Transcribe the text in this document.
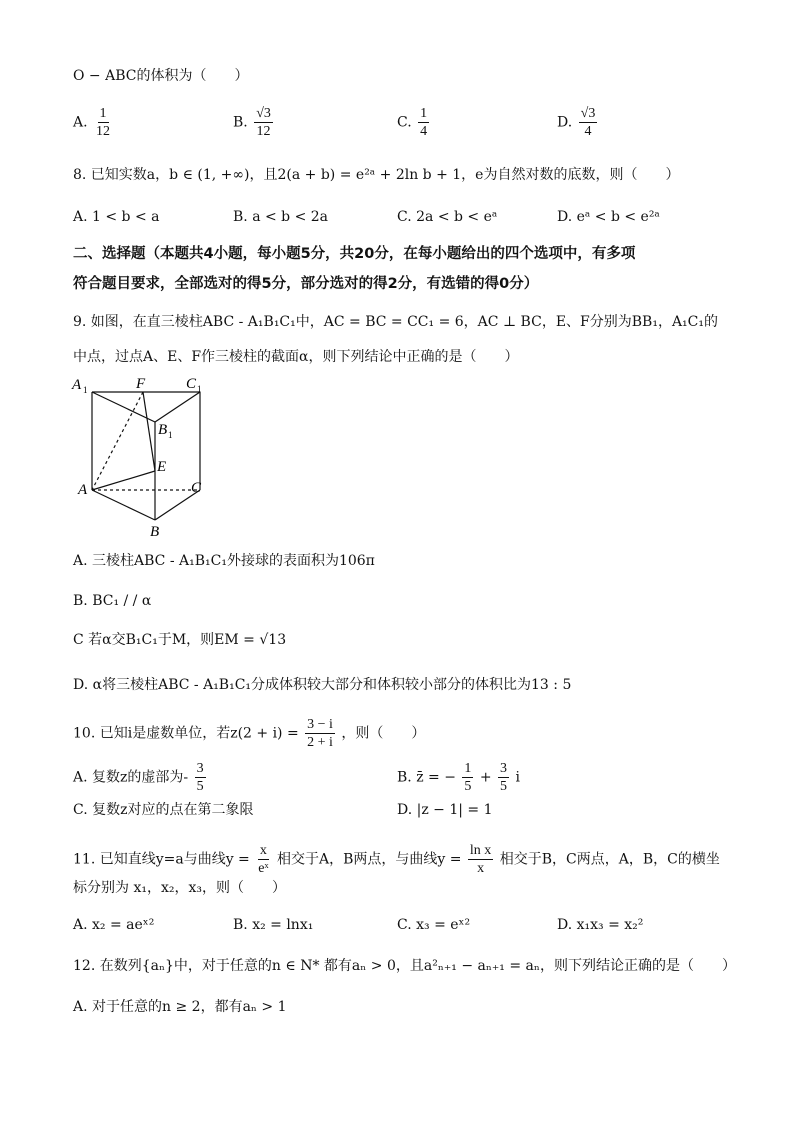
O − ABC的体积为（　　）
A. $\frac{1}{12}$	B. $\frac{√3}{12}$	C. $\frac{1}{4}$	D. $\frac{√3}{4}$
8. 已知实数a，b ∈ (1, +∞)，且2(a + b) = e²ᵃ + 2ln b + 1，e为自然对数的底数，则（　　）
A. 1 < b < a	B. a < b < 2a	C. 2a < b < eᵃ	D. eᵃ < b < e²ᵃ
二、选择题（本题共4小题，每小题5分，共20分，在每小题给出的四个选项中，有多项
符合题目要求，全部选对的得5分，部分选对的得2分，有选错的得0分）
9. 如图，在直三棱柱ABC - A₁B₁C₁中，AC = BC = CC₁ = 6，AC ⊥ BC，E、F分别为BB₁，A₁C₁的
中点，过点A、E、F作三棱柱的截面α，则下列结论中正确的是（　　）
A 1	F	C 1
B 1
E
A	C
B
A. 三棱柱ABC - A₁B₁C₁外接球的表面积为106π
B. BC₁ / / α
C 若α交B₁C₁于M，则EM = √13
D. α将三棱柱ABC - A₁B₁C₁分成体积较大部分和体积较小部分的体积比为13 : 5
10. 已知i是虚数单位，若$z(2 + i) = \frac{3 - i}{2 + i}$ ，则（　　）
A. 复数z的虚部为- $\frac{3}{5}$	B. z̄ = − $\frac{1}{5} + \frac{3}{5}$ i
C. 复数z对应的点在第二象限	D. |z − 1| = 1
11. 已知直线y=a与曲线$y = \frac{x}{\text{eˣ}}$ 相交于A，B两点，与曲线$y = \frac{\text{ln x}}{x}$ 相交于B，C两点，A，B，C的横坐
标分别为 x₁，x₂，x₃，则（　　）
A. x₂ = aeˣ²	B. x₂ = lnx₁	C. x₃ = eˣ²	D. x₁x₃ = x₂²
12. 在数列{aₙ}中，对于任意的n ∈ N* 都有aₙ > 0，且a²ₙ₊₁ − aₙ₊₁ = aₙ，则下列结论正确的是（　　）
A. 对于任意的n ≥ 2，都有aₙ > 1
